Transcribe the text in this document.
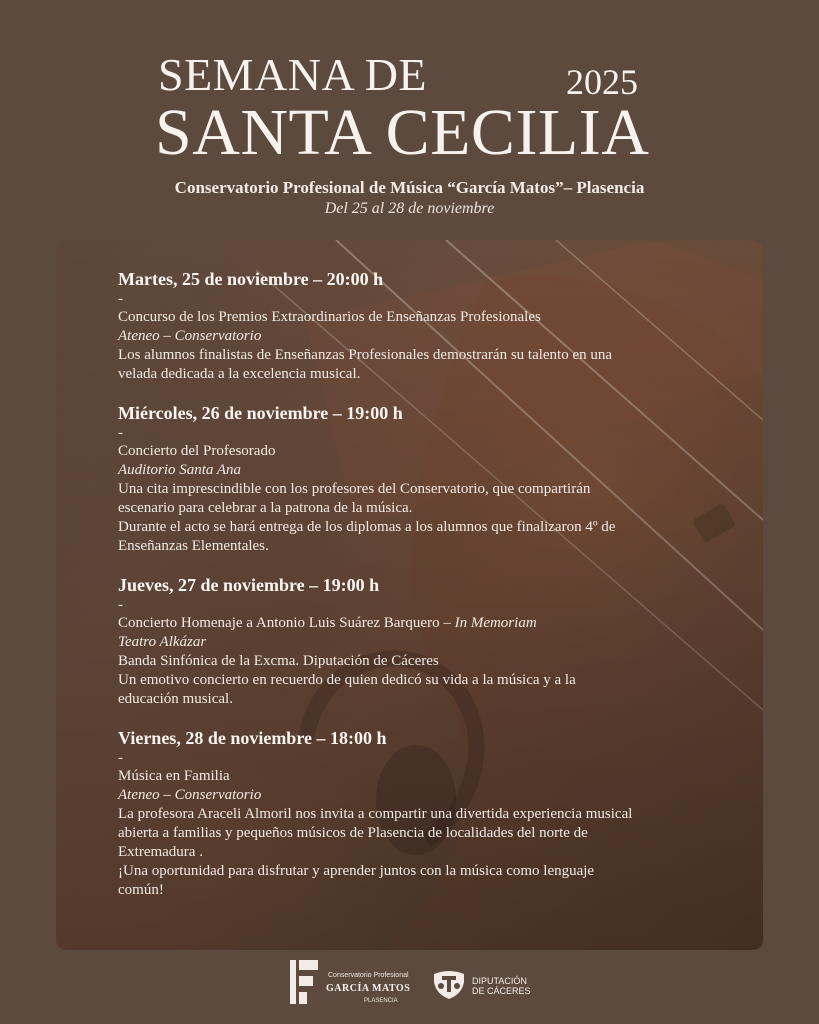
SEMANA DE	2025
SANTA CECILIA
Conservatorio Profesional de Música “García Matos”– Plasencia
Del 25 al 28 de noviembre
Martes, 25 de noviembre – 20:00 h
-
Concurso de los Premios Extraordinarios de Enseñanzas Profesionales
Ateneo – Conservatorio
Los alumnos finalistas de Enseñanzas Profesionales demostrarán su talento en una
velada dedicada a la excelencia musical.
Miércoles, 26 de noviembre – 19:00 h
-
Concierto del Profesorado
Auditorio Santa Ana
Una cita imprescindible con los profesores del Conservatorio, que compartirán
escenario para celebrar a la patrona de la música.
Durante el acto se hará entrega de los diplomas a los alumnos que finalizaron 4º de
Enseñanzas Elementales.
Jueves, 27 de noviembre – 19:00 h
-
Concierto Homenaje a Antonio Luis Suárez Barquero – In Memoriam
Teatro Alkázar
Banda Sinfónica de la Excma. Diputación de Cáceres
Un emotivo concierto en recuerdo de quien dedicó su vida a la música y a la
educación musical.
Viernes, 28 de noviembre – 18:00 h
-
Música en Familia
Ateneo – Conservatorio
La profesora Araceli Almoril nos invita a compartir una divertida experiencia musical
abierta a familias y pequeños músicos de Plasencia de localidades del norte de
Extremadura .
¡Una oportunidad para disfrutar y aprender juntos con la música como lenguaje
común!
Conservatorio Profesional
GARCÍA MATOS
PLASENCIA
DIPUTACIÓN
DE CÁCERES
